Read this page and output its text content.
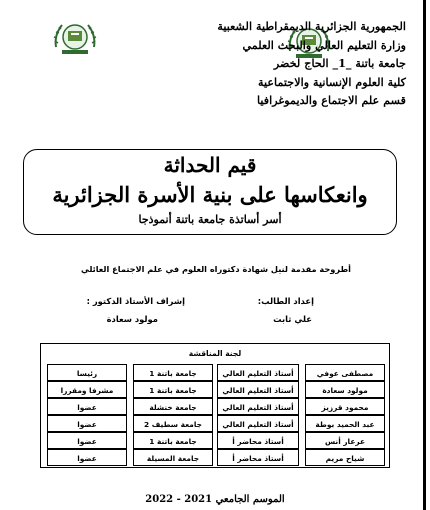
الجمهورية الجزائرية الديمقراطية الشعبية
وزارة التعليم العالي والبحث العلمي
جامعة باتنة _1_ الحاج لخضر
كلية العلوم الإنسانية والاجتماعية
قسم علم الاجتماع والديموغرافيا
قيم الحداثة
وانعكاسها على بنية الأسرة الجزائرية
أسر أساتذة جامعة باتنة أنموذجا
أطروحة مقدمة لنيل شهادة دكتوراه العلوم في علم الاجتماع العائلي
إعداد الطالب:
علي ثابت
إشراف الأستاذ الدكتور :
مولود سعادة
لجنة المناقشة
مصطفى عوفي
أستاذ التعليم العالي
جامعة باتنة 1
رئيسا
مولود سعادة
أستاذ التعليم العالي
جامعة باتنة 1
مشرفا ومقررا
محمود قرزيز
أستاذ التعليم العالي
جامعة خنشلة
عضوا
عبد الحميد بوطة
أستاذ التعليم العالي
جامعة سطيف 2
عضوا
عرعار أنس
أستاذ محاضر أ
جامعة باتنة 1
عضوا
شياح مريم
أستاذ محاضر أ
جامعة المسيلة
عضوا
الموسم الجامعي 2021 - 2022
